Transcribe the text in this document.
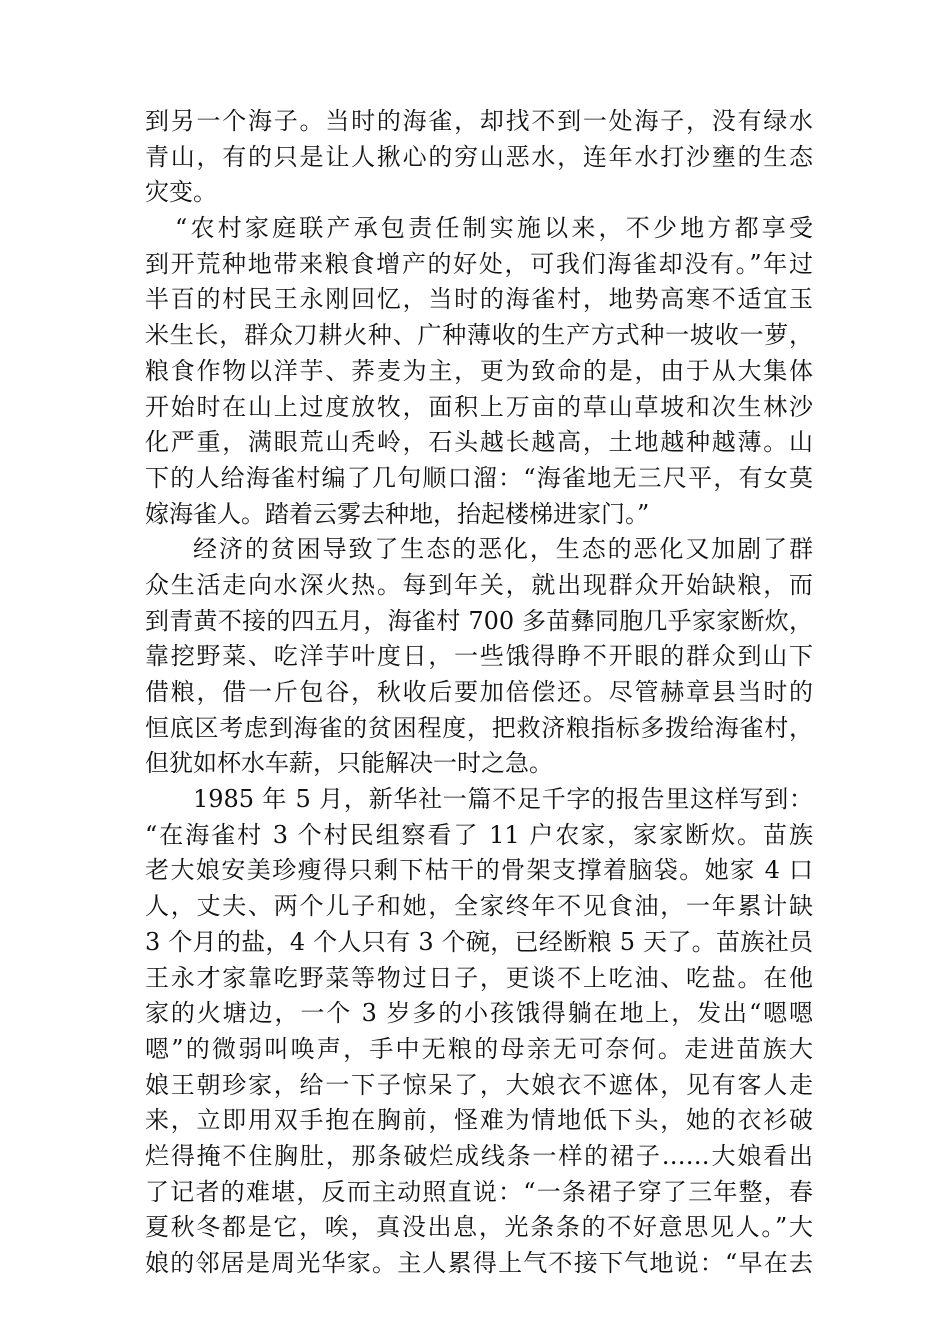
到另一个海子。当时的海雀，却找不到一处海子，没有绿水
青山，有的只是让人揪心的穷山恶水，连年水打沙壅的生态
灾变。
“农村家庭联产承包责任制实施以来，不少地方都享受
到开荒种地带来粮食增产的好处，可我们海雀却没有。”年过
半百的村民王永刚回忆，当时的海雀村，地势高寒不适宜玉
米生长，群众刀耕火种、广种薄收的生产方式种一坡收一萝，
粮食作物以洋芋、荞麦为主，更为致命的是，由于从大集体
开始时在山上过度放牧，面积上万亩的草山草坡和次生林沙
化严重，满眼荒山秃岭，石头越长越高，土地越种越薄。山
下的人给海雀村编了几句顺口溜：“海雀地无三尺平，有女莫
嫁海雀人。踏着云雾去种地，抬起楼梯进家门。”
经济的贫困导致了生态的恶化，生态的恶化又加剧了群
众生活走向水深火热。每到年关，就出现群众开始缺粮，而
到青黄不接的四五月，海雀村 700 多苗彝同胞几乎家家断炊，
靠挖野菜、吃洋芋叶度日，一些饿得睁不开眼的群众到山下
借粮，借一斤包谷，秋收后要加倍偿还。尽管赫章县当时的
恒底区考虑到海雀的贫困程度，把救济粮指标多拨给海雀村，
但犹如杯水车薪，只能解决一时之急。
1985 年 5 月，新华社一篇不足千字的报告里这样写到：
“在海雀村 3 个村民组察看了 11 户农家，家家断炊。苗族
老大娘安美珍瘦得只剩下枯干的骨架支撑着脑袋。她家 4 口
人，丈夫、两个儿子和她，全家终年不见食油，一年累计缺
3 个月的盐，4 个人只有 3 个碗，已经断粮 5 天了。苗族社员
王永才家靠吃野菜等物过日子，更谈不上吃油、吃盐。在他
家的火塘边，一个 3 岁多的小孩饿得躺在地上，发出“嗯嗯
嗯”的微弱叫唤声，手中无粮的母亲无可奈何。走进苗族大
娘王朝珍家，给一下子惊呆了，大娘衣不遮体，见有客人走
来，立即用双手抱在胸前，怪难为情地低下头，她的衣衫破
烂得掩不住胸肚，那条破烂成线条一样的裙子……大娘看出
了记者的难堪，反而主动照直说：“一条裙子穿了三年整，春
夏秋冬都是它，唉，真没出息，光条条的不好意思见人。”大
娘的邻居是周光华家。主人累得上气不接下气地说：“早在去
